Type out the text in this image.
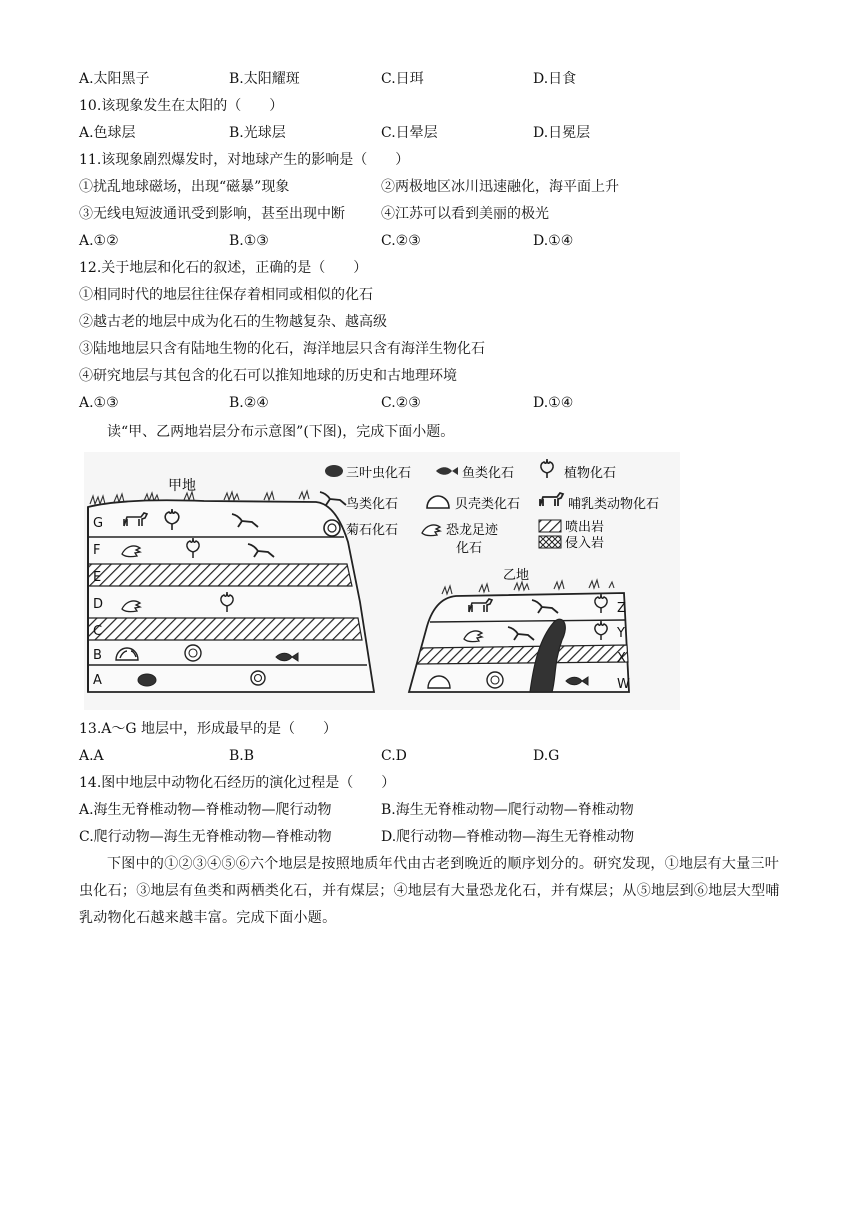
A.太阳黑子	B.太阳耀斑	C.日珥	D.日食
10.该现象发生在太阳的（　　）
A.色球层	B.光球层	C.日晕层	D.日冕层
11.该现象剧烈爆发时，对地球产生的影响是（　　）
①扰乱地球磁场，出现“磁暴”现象	②两极地区冰川迅速融化，海平面上升
③无线电短波通讯受到影响，甚至出现中断	④江苏可以看到美丽的极光
A.①②	B.①③	C.②③	D.①④
12.关于地层和化石的叙述，正确的是（　　）
①相同时代的地层往往保存着相同或相似的化石
②越古老的地层中成为化石的生物越复杂、越高级
③陆地地层只含有陆地生物的化石，海洋地层只含有海洋生物化石
④研究地层与其包含的化石可以推知地球的历史和古地理环境
A.①③	B.②④	C.②③	D.①④
读“甲、乙两地岩层分布示意图”(下图)，完成下面小题。
甲地
G
F
E
D
C
B
A
三叶虫化石	鱼类化石	植物化石
鸟类化石	贝壳类化石	哺乳类动物化石
菊石化石	恐龙足迹
化石
喷出岩
侵入岩
乙地
Z
Y
X
W
13.A～G 地层中，形成最早的是（　　）
A.A	B.B	C.D	D.G
14.图中地层中动物化石经历的演化过程是（　　）
A.海生无脊椎动物—脊椎动物—爬行动物	B.海生无脊椎动物—爬行动物—脊椎动物
C.爬行动物—海生无脊椎动物—脊椎动物	D.爬行动物—脊椎动物—海生无脊椎动物
下图中的①②③④⑤⑥六个地层是按照地质年代由古老到晚近的顺序划分的。研究发现，①地层有大量三叶虫化石；③地层有鱼类和两栖类化石，并有煤层；④地层有大量恐龙化石，并有煤层；从⑤地层到⑥地层大型哺乳动物化石越来越丰富。完成下面小题。
